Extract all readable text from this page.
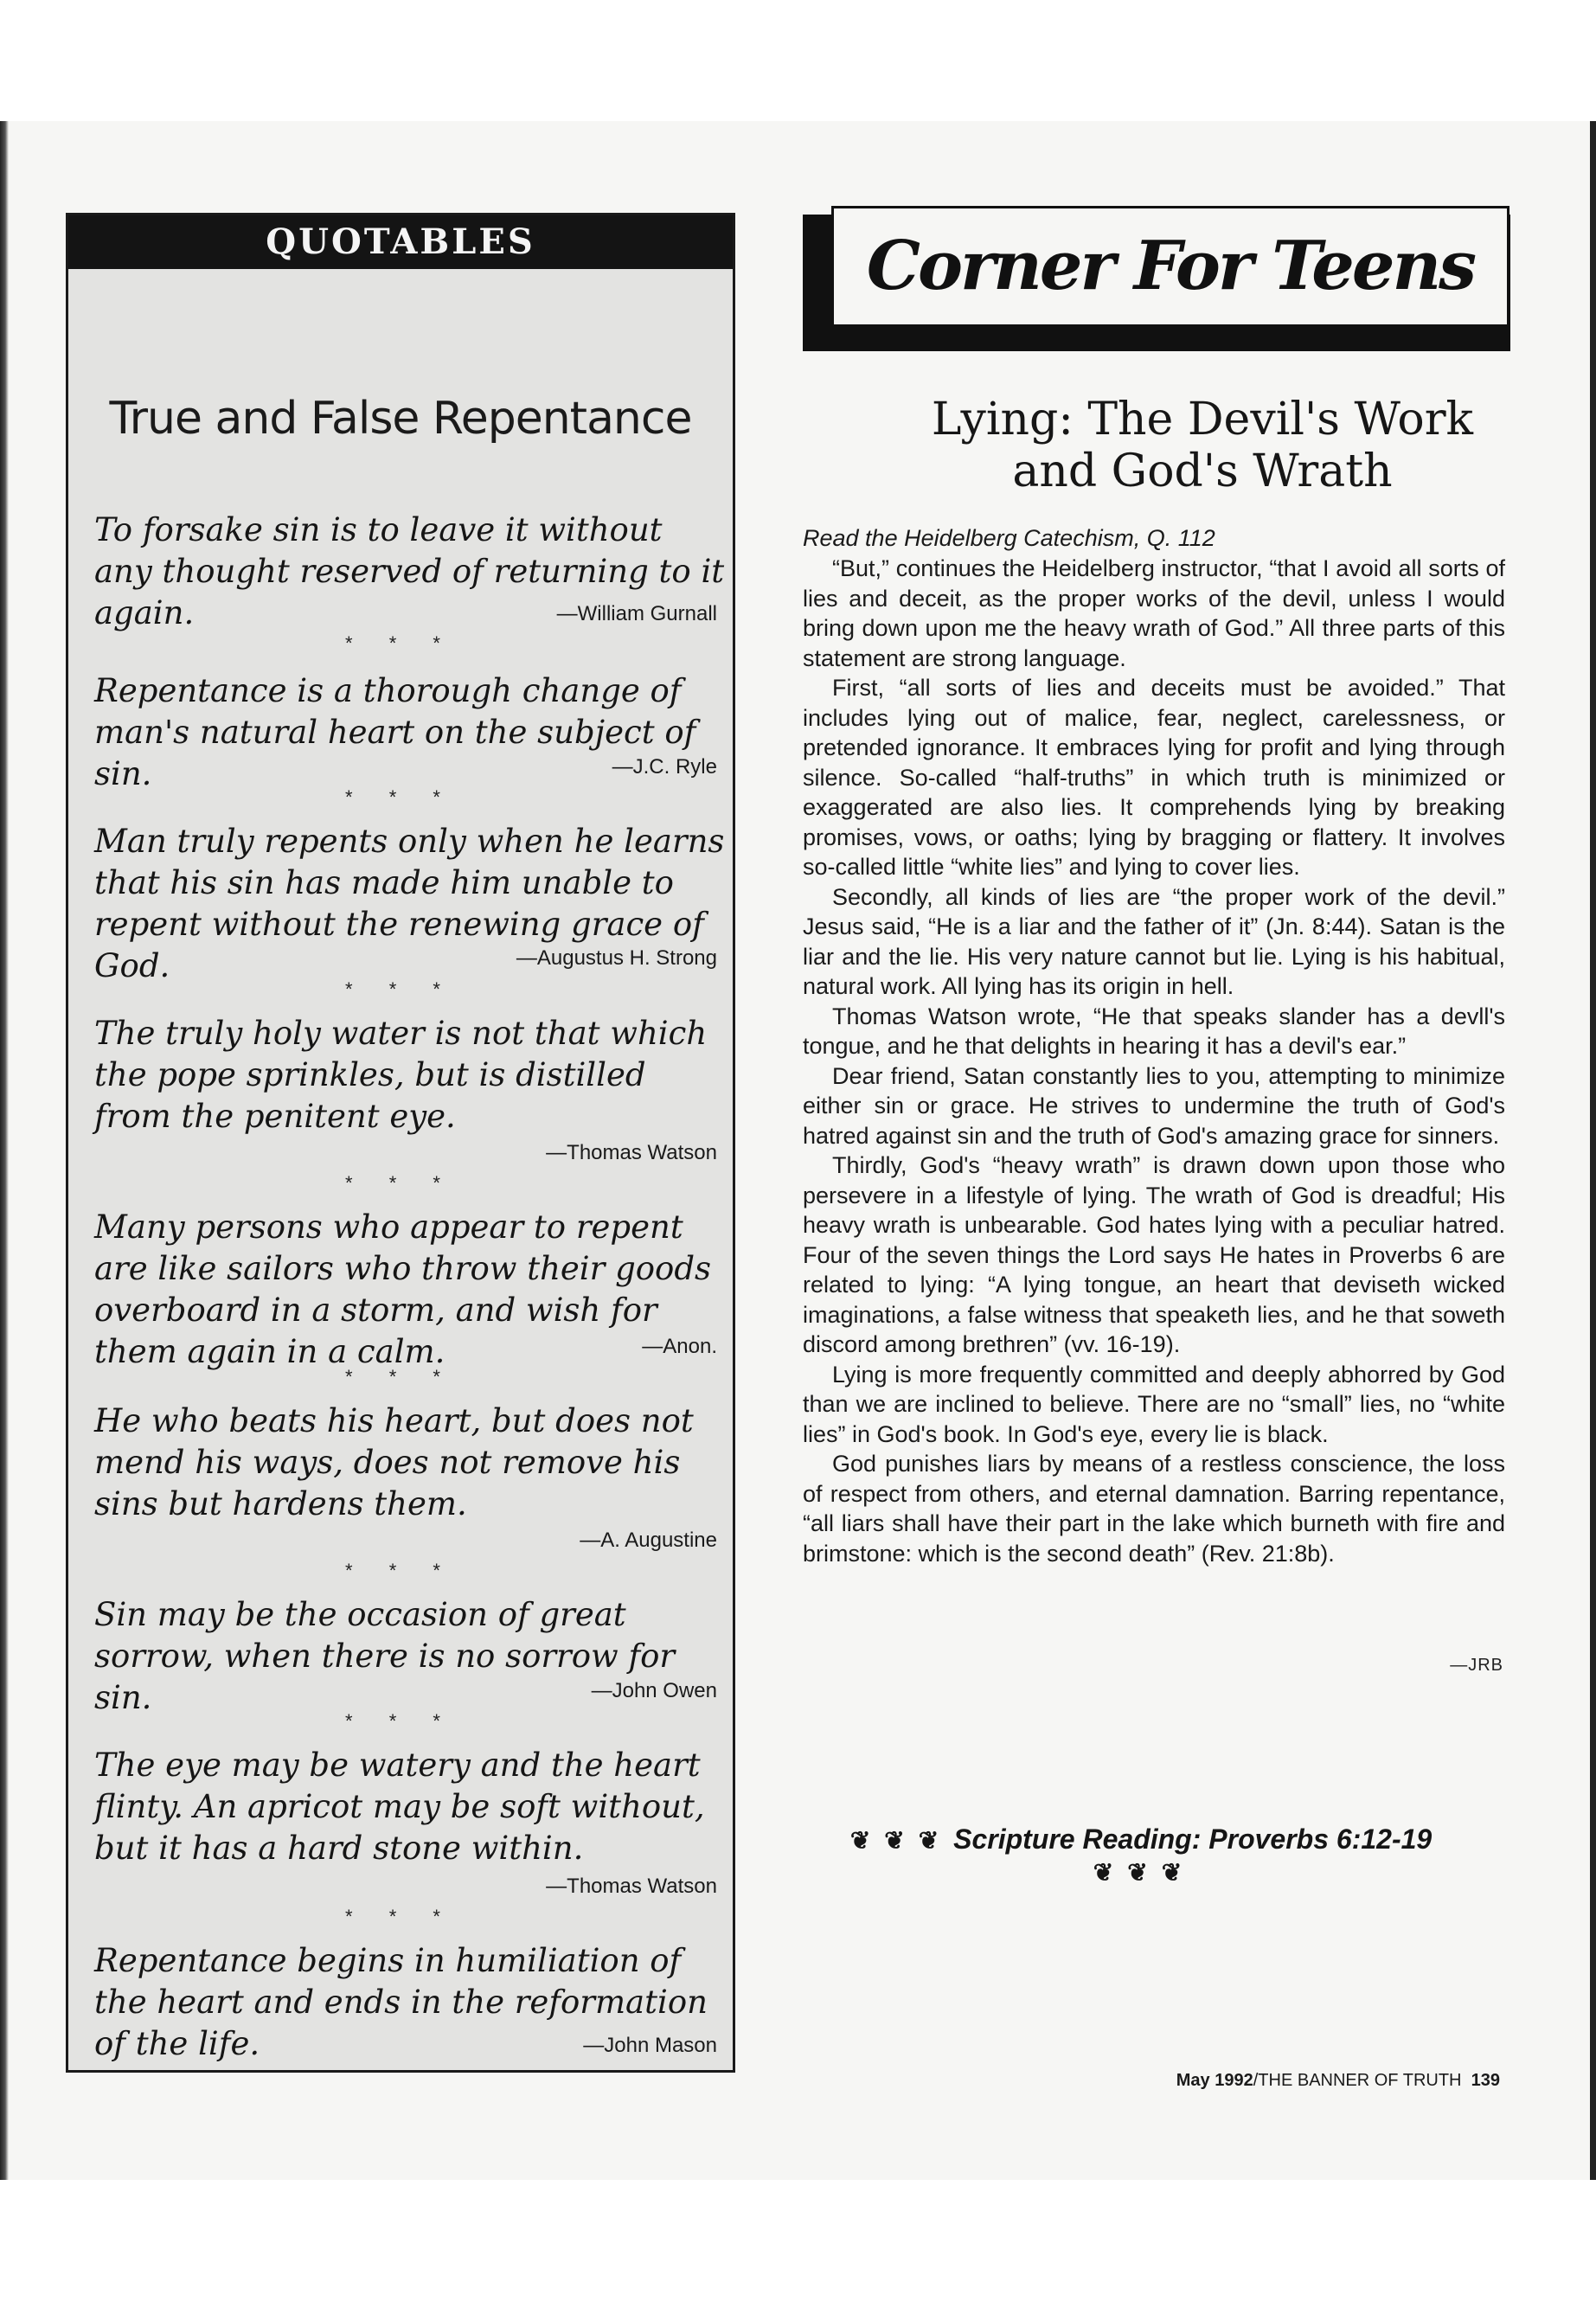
QUOTABLES
True and False Repentance
To forsake sin is to leave it without any thought reserved of returning to it again.	—William Gurnall
* * *
Repentance is a thorough change of man's natural heart on the subject of sin.	—J.C. Ryle
* * *
Man truly repents only when he learns that his sin has made him unable to repent without the renewing grace of God.	—Augustus H. Strong
* * *
The truly holy water is not that which the pope sprinkles, but is distilled from the penitent eye.
—Thomas Watson
* * *
Many persons who appear to repent are like sailors who throw their goods overboard in a storm, and wish for them again in a calm.	—Anon.
* * *
He who beats his heart, but does not mend his ways, does not remove his sins but hardens them.
—A. Augustine
* * *
Sin may be the occasion of great sorrow, when there is no sorrow for sin.	—John Owen
* * *
The eye may be watery and the heart flinty. An apricot may be soft without, but it has a hard stone within.
—Thomas Watson
* * *
Repentance begins in humiliation of the heart and ends in the reformation of the life.	—John Mason
Corner For Teens
Lying: The Devil's Work
and God's Wrath
Read the Heidelberg Catechism, Q. 112

“But,” continues the Heidelberg instructor, “that I avoid all sorts of lies and deceit, as the proper works of the devil, unless I would bring down upon me the heavy wrath of God.” All three parts of this statement are strong language.

First, “all sorts of lies and deceits must be avoided.” That includes lying out of malice, fear, neglect, carelessness, or pretended ignorance. It embraces lying for profit and lying through silence. So-called “half-truths” in which truth is minimized or exaggerated are also lies. It comprehends lying by breaking promises, vows, or oaths; lying by bragging or flattery. It involves so-called little “white lies” and lying to cover lies.

Secondly, all kinds of lies are “the proper work of the devil.” Jesus said, “He is a liar and the father of it” (Jn. 8:44). Satan is the liar and the lie. His very nature cannot but lie. Lying is his habitual, natural work. All lying has its origin in hell.

Thomas Watson wrote, “He that speaks slander has a devll's tongue, and he that delights in hearing it has a devil's ear.”

Dear friend, Satan constantly lies to you, attempting to minimize either sin or grace. He strives to undermine the truth of God's hatred against sin and the truth of God's amazing grace for sinners.

Thirdly, God's “heavy wrath” is drawn down upon those who persevere in a lifestyle of lying. The wrath of God is dreadful; His heavy wrath is unbearable. God hates lying with a peculiar hatred. Four of the seven things the Lord says He hates in Proverbs 6 are related to lying: “A lying tongue, an heart that deviseth wicked imaginations, a false witness that speaketh lies, and he that soweth discord among brethren” (vv. 16-19).

Lying is more frequently committed and deeply abhorred by God than we are inclined to believe. There are no “small” lies, no “white lies” in God's book. In God's eye, every lie is black.

God punishes liars by means of a restless conscience, the loss of respect from others, and eternal damnation. Barring repentance, “all liars shall have their part in the lake which burneth with fire and brimstone: which is the second death” (Rev. 21:8b).

—JRB
❦ ❦ ❦ Scripture Reading: Proverbs 6:12-19 ❦ ❦ ❦
May 1992/THE BANNER OF TRUTH 139
